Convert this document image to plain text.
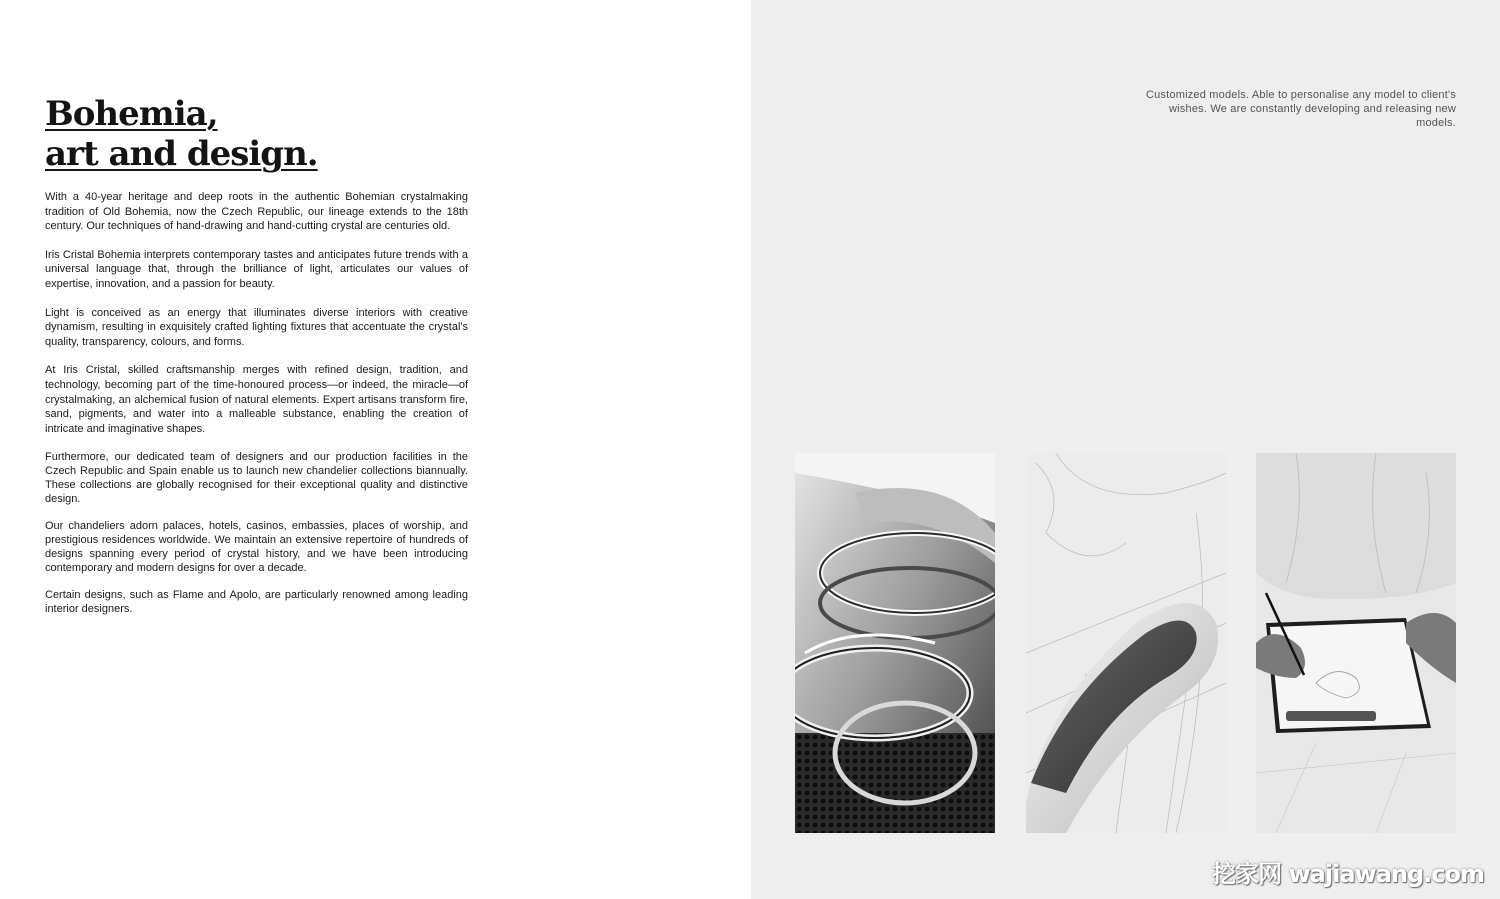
Bohemia,
art and design.

With a 40-year heritage and deep roots in the authentic Bohemian crystalmaking tradition of Old Bohemia, now the Czech Republic, our lineage extends to the 18th century. Our techniques of hand-drawing and hand-cutting crystal are centuries old.

Iris Cristal Bohemia interprets contemporary tastes and anticipates future trends with a universal language that, through the brilliance of light, articulates our values of expertise, innovation, and a passion for beauty.

Light is conceived as an energy that illuminates diverse interiors with creative dynamism, resulting in exquisitely crafted lighting fixtures that accentuate the crystal's quality, transparency, colours, and forms.

At Iris Cristal, skilled craftsmanship merges with refined design, tradition, and technology, becoming part of the time-honoured process—or indeed, the miracle—of crystalmaking, an alchemical fusion of natural elements. Expert artisans transform fire, sand, pigments, and water into a malleable substance, enabling the creation of intricate and imaginative shapes.

Furthermore, our dedicated team of designers and our production facilities in the Czech Republic and Spain enable us to launch new chandelier collections biannually. These collections are globally recognised for their exceptional quality and distinctive design.

Our chandeliers adorn palaces, hotels, casinos, embassies, places of worship, and prestigious residences worldwide. We maintain an extensive repertoire of hundreds of designs spanning every period of crystal history, and we have been introducing contemporary and modern designs for over a decade.

Certain designs, such as Flame and Apolo, are particularly renowned among leading interior designers.

Customized models. Able to personalise any model to client's wishes. We are constantly developing and releasing new models.

挖家网 wajiawang.com
